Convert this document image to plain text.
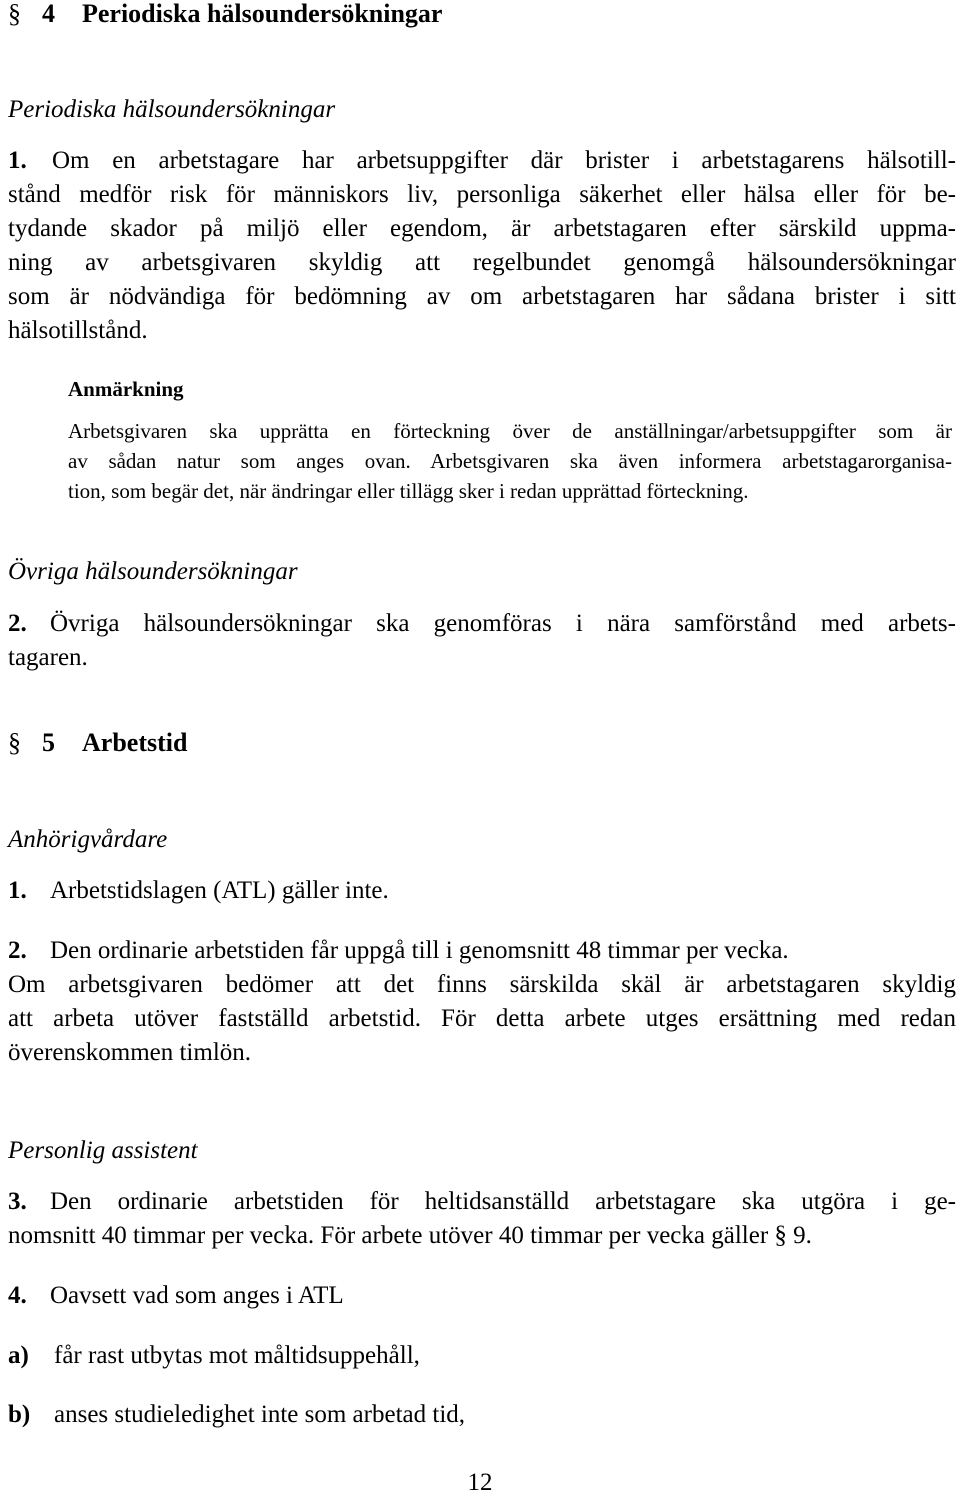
§ 4 Periodiska hälsoundersökningar
Periodiska hälsoundersökningar
1. Om en arbetstagare har arbetsuppgifter där brister i arbetstagarens hälsotill-
stånd medför risk för människors liv, personliga säkerhet eller hälsa eller för be-
tydande skador på miljö eller egendom, är arbetstagaren efter särskild uppma-
ning av arbetsgivaren skyldig att regelbundet genomgå hälsoundersökningar
som är nödvändiga för bedömning av om arbetstagaren har sådana brister i sitt
hälsotillstånd.
Anmärkning
Arbetsgivaren ska upprätta en förteckning över de anställningar/arbetsuppgifter som är
av sådan natur som anges ovan. Arbetsgivaren ska även informera arbetstagarorganisa-
tion, som begär det, när ändringar eller tillägg sker i redan upprättad förteckning.
Övriga hälsoundersökningar
2. Övriga hälsoundersökningar ska genomföras i nära samförstånd med arbets-
tagaren.
§ 5 Arbetstid
Anhörigvårdare
1. Arbetstidslagen (ATL) gäller inte.
2. Den ordinarie arbetstiden får uppgå till i genomsnitt 48 timmar per vecka.
Om arbetsgivaren bedömer att det finns särskilda skäl är arbetstagaren skyldig
att arbeta utöver fastställd arbetstid. För detta arbete utges ersättning med redan
överenskommen timlön.
Personlig assistent
3. Den ordinarie arbetstiden för heltidsanställd arbetstagare ska utgöra i ge-
nomsnitt 40 timmar per vecka. För arbete utöver 40 timmar per vecka gäller § 9.
4. Oavsett vad som anges i ATL
a) får rast utbytas mot måltidsuppehåll,
b) anses studieledighet inte som arbetad tid,
12
